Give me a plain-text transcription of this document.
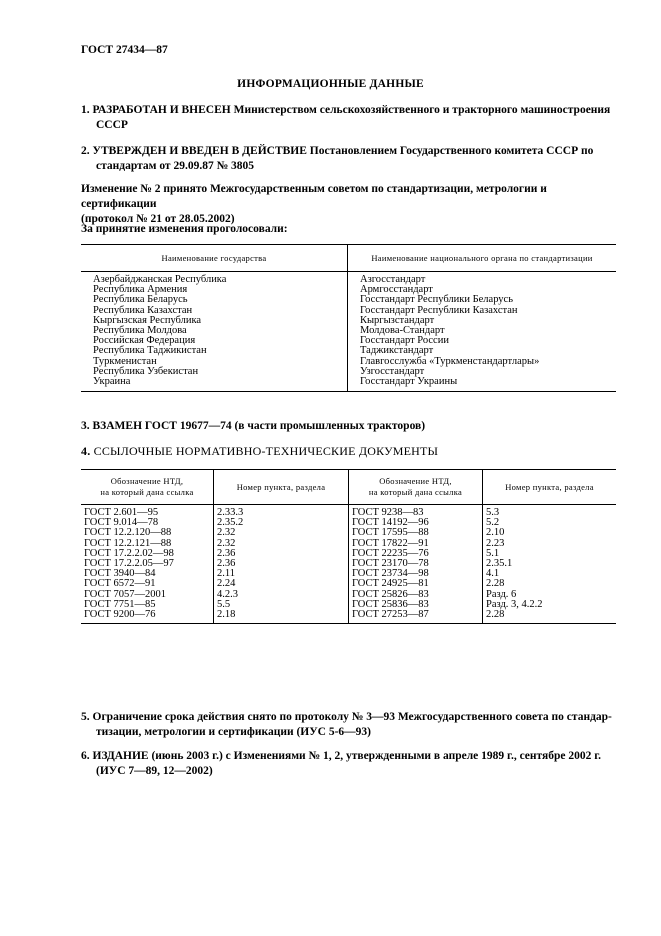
ГОСТ 27434—87
ИНФОРМАЦИОННЫЕ ДАННЫЕ
1. РАЗРАБОТАН И ВНЕСЕН Министерством сельскохозяйственного и тракторного машиностроения
СССР
2. УТВЕРЖДЕН И ВВЕДЕН В ДЕЙСТВИЕ Постановлением Государственного комитета СССР по
стандартам от 29.09.87 № 3805
Изменение № 2 принято Межгосударственным советом по стандартизации, метрологии и сертификации
(протокол № 21 от 28.05.2002)
За принятие изменения проголосовали:
Наименование государства	Наименование национального органа по стандартизации
Азербайджанская Республика	Азгосстандарт
Республика Армения	Армгосстандарт
Республика Беларусь	Госстандарт Республики Беларусь
Республика Казахстан	Госстандарт Республики Казахстан
Кыргызская Республика	Кыргызстандарт
Республика Молдова	Молдова-Стандарт
Российская Федерация	Госстандарт России
Республика Таджикистан	Таджикстандарт
Туркменистан	Главгосслужба «Туркменстандартлары»
Республика Узбекистан	Узгосстандарт
Украина	Госстандарт Украины
3. ВЗАМЕН ГОСТ 19677—74 (в части промышленных тракторов)
4. ССЫЛОЧНЫЕ НОРМАТИВНО-ТЕХНИЧЕСКИЕ ДОКУМЕНТЫ
Обозначение НТД,
на который дана ссылка	Номер пункта, раздела	Обозначение НТД,
на который дана ссылка	Номер пункта, раздела
ГОСТ 2.601—95	2.33.3	ГОСТ 9238—83	5.3
ГОСТ 9.014—78	2.35.2	ГОСТ 14192—96	5.2
ГОСТ 12.2.120—88	2.32	ГОСТ 17595—88	2.10
ГОСТ 12.2.121—88	2.32	ГОСТ 17822—91	2.23
ГОСТ 17.2.2.02—98	2.36	ГОСТ 22235—76	5.1
ГОСТ 17.2.2.05—97	2.36	ГОСТ 23170—78	2.35.1
ГОСТ 3940—84	2.11	ГОСТ 23734—98	4.1
ГОСТ 6572—91	2.24	ГОСТ 24925—81	2.28
ГОСТ 7057—2001	4.2.3	ГОСТ 25826—83	Разд. 6
ГОСТ 7751—85	5.5	ГОСТ 25836—83	Разд. 3, 4.2.2
ГОСТ 9200—76	2.18	ГОСТ 27253—87	2.28
5. Ограничение срока действия снято по протоколу № 3—93 Межгосударственного совета по стандар-
тизации, метрологии и сертификации (ИУС 5-6—93)
6. ИЗДАНИЕ (июнь 2003 г.) с Изменениями № 1, 2, утвержденными в апреле 1989 г., сентябре 2002 г.
(ИУС 7—89, 12—2002)
